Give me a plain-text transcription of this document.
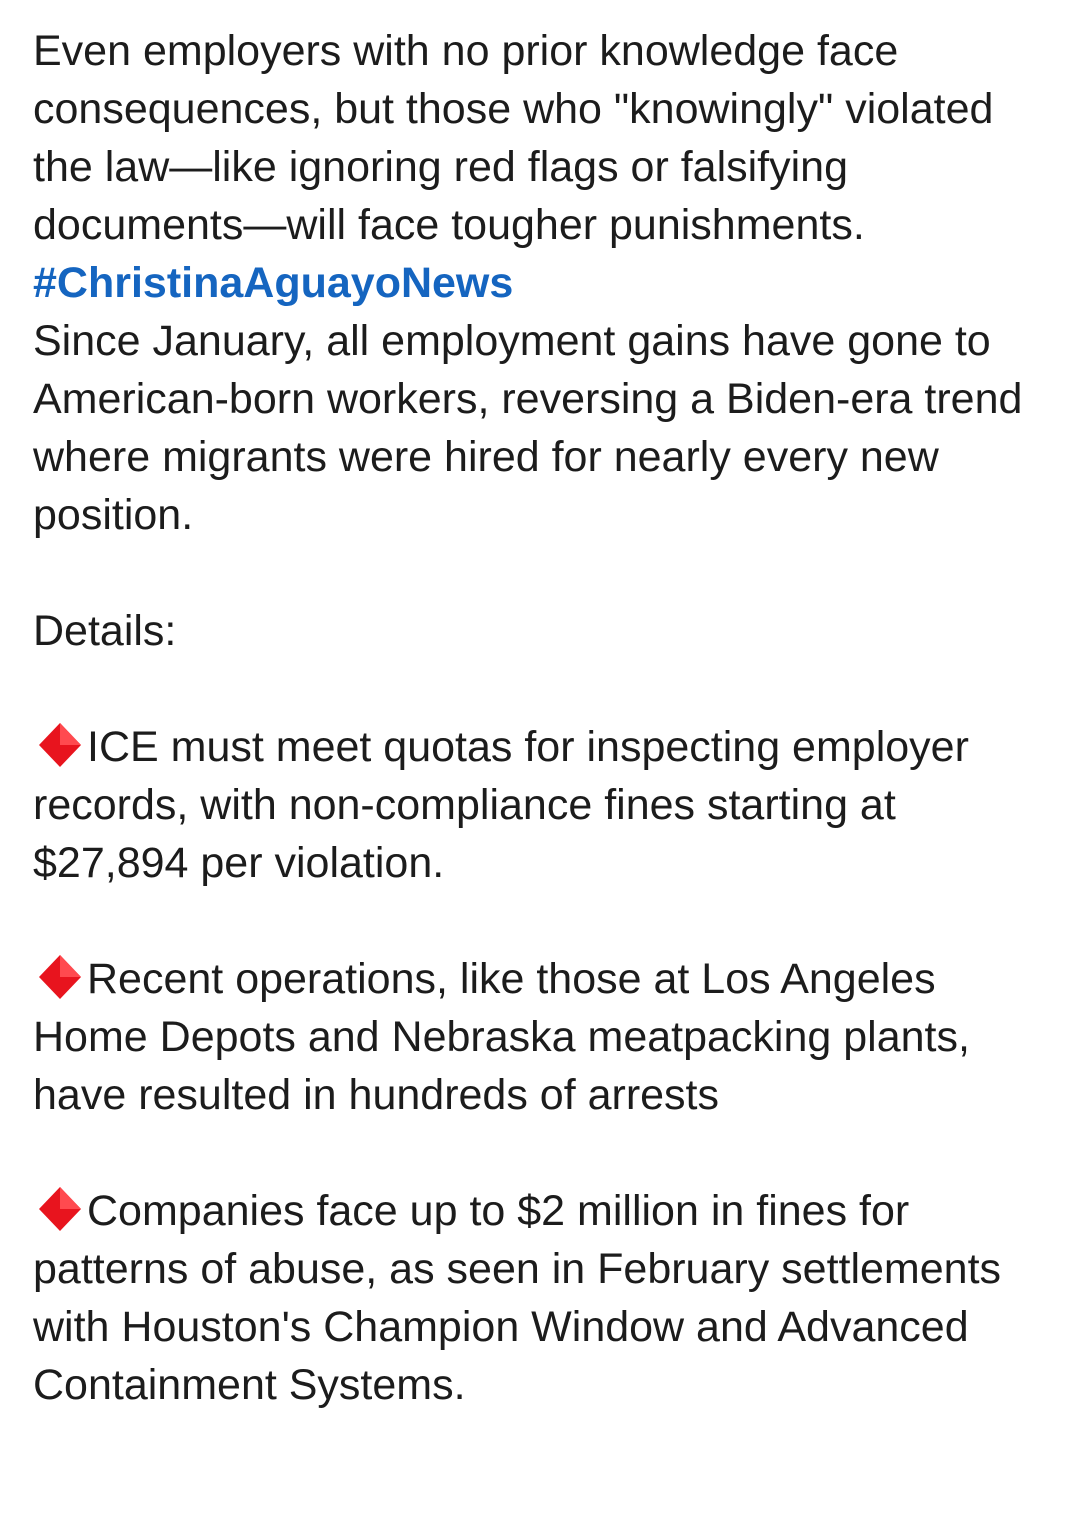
Even employers with no prior knowledge face consequences, but those who "knowingly" violated the law—like ignoring red flags or falsifying documents—will face tougher punishments.

#ChristinaAguayoNews

Since January, all employment gains have gone to American-born workers, reversing a Biden-era trend where migrants were hired for nearly every new position.

Details:

ICE must meet quotas for inspecting employer records, with non-compliance fines starting at $27,894 per violation.

Recent operations, like those at Los Angeles Home Depots and Nebraska meatpacking plants, have resulted in hundreds of arrests

Companies face up to $2 million in fines for patterns of abuse, as seen in February settlements with Houston's Champion Window and Advanced Containment Systems.
